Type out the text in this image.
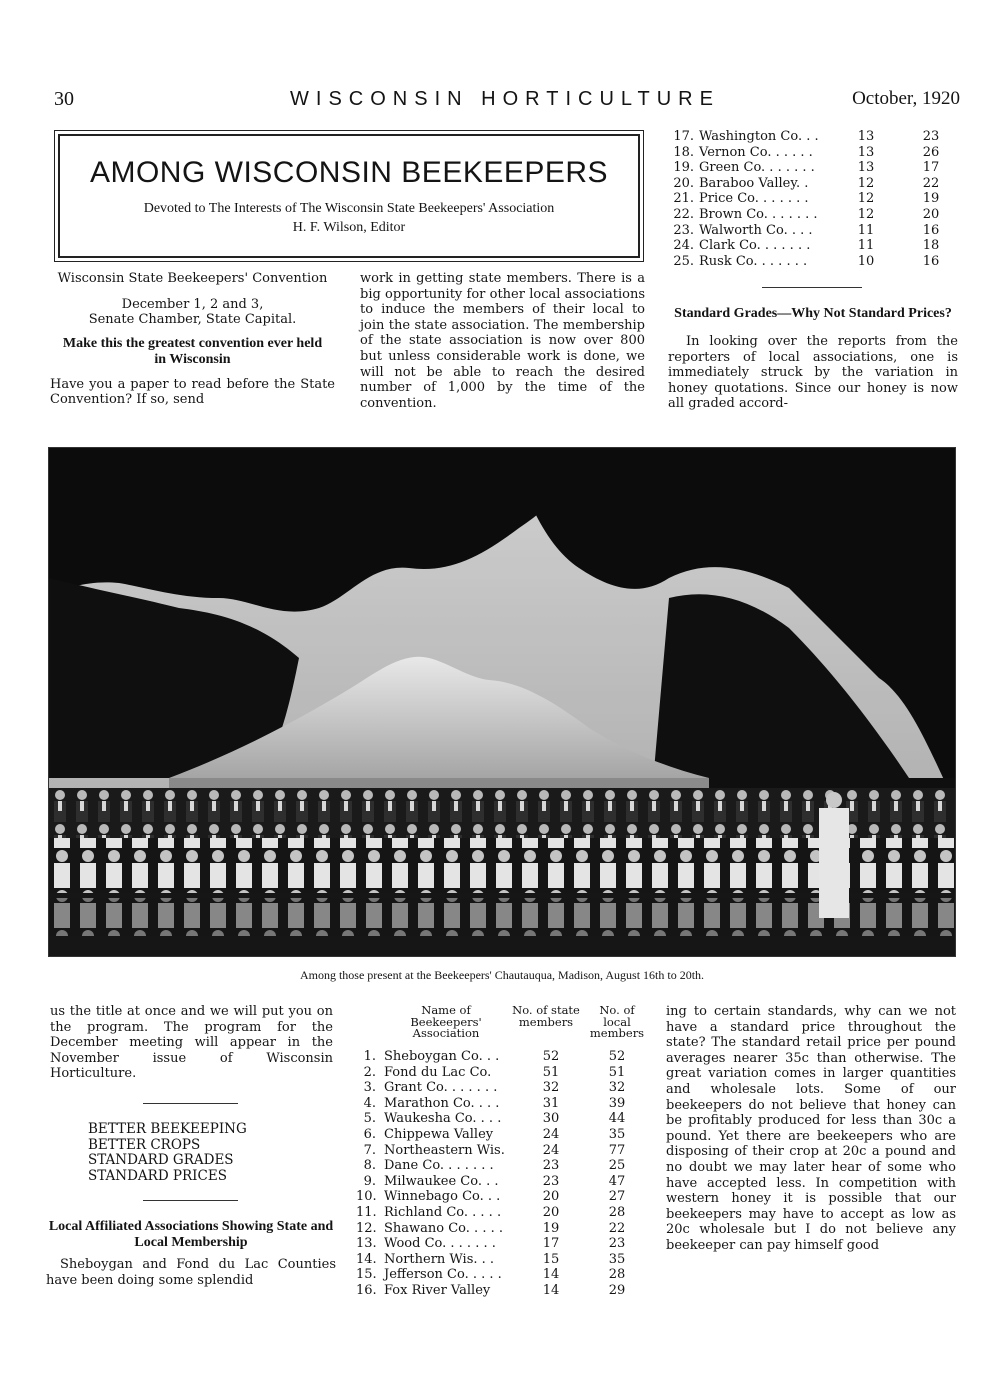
30	WISCONSIN HORTICULTURE	October, 1920
AMONG WISCONSIN BEEKEEPERS
Devoted to The Interests of The Wisconsin State Beekeepers' Association
H. F. Wilson, Editor
Wisconsin State Beekeepers' Convention
December 1, 2 and 3,
Senate Chamber, State Capital.
Make this the greatest convention ever held in Wisconsin
Have you a paper to read before the State Convention? If so, send
work in getting state members. There is a big opportunity for other local associations to induce the members of their local to join the state association. The membership of the state association is now over 800 but unless considerable work is done, we will not be able to reach the desired number of 1,000 by the time of the convention.
17. Washington Co. . .	13	23
18. Vernon Co. . . . . .	13	26
19. Green Co. . . . . . .	13	17
20. Baraboo Valley. .	12	22
21. Price Co. . . . . . .	12	19
22. Brown Co. . . . . . .	12	20
23. Walworth Co. . . .	11	16
24. Clark Co. . . . . . .	11	18
25. Rusk Co. . . . . . .	10	16
Standard Grades—Why Not Standard Prices?
In looking over the reports from the reporters of local associations, one is immediately struck by the variation in honey quotations. Since our honey is now all graded accord-
Among those present at the Beekeepers' Chautauqua, Madison, August 16th to 20th.
us the title at once and we will put you on the program. The program for the December meeting will appear in the November issue of Wisconsin Horticulture.
BETTER BEEKEEPING
BETTER CROPS
STANDARD GRADES
STANDARD PRICES
Local Affiliated Associations Showing State and Local Membership
Sheboygan and Fond du Lac Counties have been doing some splendid
Name of Beekeepers' Association
No. of state members
No. of local members
1. Sheboygan Co. . .	52	52
2. Fond du Lac Co.	51	51
3. Grant Co. . . . . . .	32	32
4. Marathon Co. . . .	31	39
5. Waukesha Co. . . .	30	44
6. Chippewa Valley	24	35
7. Northeastern Wis.	24	77
8. Dane Co. . . . . . .	23	25
9. Milwaukee Co. . .	23	47
10. Winnebago Co. . .	20	27
11. Richland Co. . . . .	20	28
12. Shawano Co. . . . .	19	22
13. Wood Co. . . . . . .	17	23
14. Northern Wis. . .	15	35
15. Jefferson Co. . . . .	14	28
16. Fox River Valley	14	29
ing to certain standards, why can we not have a standard price throughout the state? The standard retail price per pound averages nearer 35c than otherwise. The great variation comes in larger quantities and wholesale lots. Some of our beekeepers do not believe that honey can be profitably produced for less than 30c a pound. Yet there are beekeepers who are disposing of their crop at 20c a pound and no doubt we may later hear of some who have accepted less. In competition with western honey it is possible that our beekeepers may have to accept as low as 20c wholesale but I do not believe any beekeeper can pay himself good
